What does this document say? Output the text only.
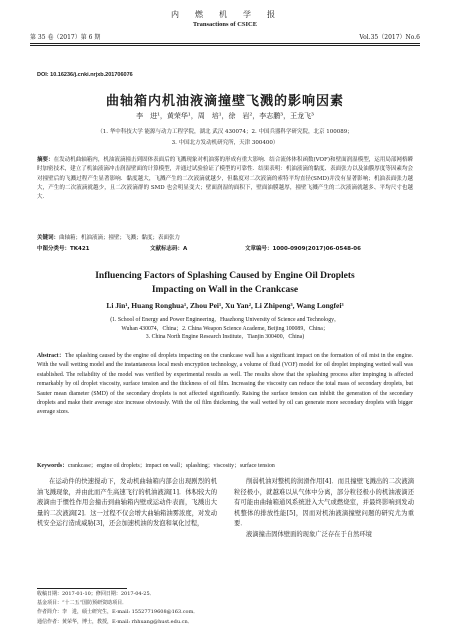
第 35 卷（2017）第 6 期
内　燃　机　学　报
Transactions of CSICE
Vol.35（2017）No.6
DOI: 10.16236/j.cnki.nrjxb.201706076
曲轴箱内机油液滴撞壁飞溅的影响因素
李　进¹，黄荣华¹，周　培¹，徐　岩²，李志鹏³，王龙飞³
（1. 华中科技大学 能源与动力工程学院，湖北 武汉 430074；2. 中国兵器科学研究院，北京 100089；
3. 中国北方发动机研究所，天津 300400）
摘要：在发动机曲轴箱内，机油液滴撞击到固体表面后的飞溅现象对机油雾的形成有重大影响．结合流体体积函数(VOF)和壁面润湿模型，运用局部网格瞬时加密技术，建立了机油液滴冲击润湿壁面的计算模型，并通过试验验证了模型的可靠性．结果表明：机油液滴的黏度、表面张力以及油膜厚度等因素均会对撞壁后的飞溅过程产生显著影响．黏度越大，飞溅产生的二次液滴就越少，但黏度对二次液滴的索特平均直径(SMD)并没有显著影响；机油表面张力越大，产生的二次液滴就越少，且二次液滴群的 SMD 也会明显变大；壁面润湿的面积下，壁面油膜越厚，撞壁飞溅产生的二次液滴就越多、平均尺寸也越大．
关键词：曲轴箱；机油液滴；撞壁；飞溅；黏度；表面张力
中图分类号：TK421	文献标志码：A	文章编号：1000-0909(2017)06-0548-06
Influencing Factors of Splashing Caused by Engine Oil Droplets
Impacting on Wall in the Crankcase
Li Jin¹, Huang Ronghua¹, Zhou Pei¹, Xu Yan², Li Zhipeng³, Wang Longfei³
(1. School of Energy and Power Engineering，Huazhong University of Science and Technology，
Wuhan 430074，China；2. China Weapon Science Academe, Beijing 100089，China；
3. China North Engine Research Institute，Tianjin 300400，China)
Abstract：The splashing caused by the engine oil droplets impacting on the crankcase wall has a significant impact on the formation of oil mist in the engine. With the wall wetting model and the instantaneous local mesh encryption technology, a volume of fluid (VOF) model for oil droplet impinging wetted wall was established. The reliability of the model was verified by experimental results as well. The results show that the splashing process after impinging is affected remarkably by oil droplet viscosity, surface tension and the thickness of oil film. Increasing the viscosity can reduce the total mass of secondary droplets, but Sauter mean diameter (SMD) of the secondary droplets is not affected significantly. Raising the surface tension can inhibit the generation of the secondary droplets and make their average size increase obviously. With the oil film thickening, the wall wetted by oil can generate more secondary droplets with bigger average sizes.
Keywords：crankcase；engine oil droplets；impact on wall；splashing；viscosity；surface tension
在运动件的快速搅动下，发动机曲轴箱内部会出现剧烈的机油飞溅现象，并由此而产生高速飞行的机油液滴[1]．体积较大的液滴由于惯性作用会撞击到曲轴箱内壁或运动件表面，飞溅出大量的二次液滴[2]．这一过程不仅会增大曲轴箱油雾浓度，对发动机安全运行造成威胁[3]，还会加速机油的发泡和氧化过程，
削弱机油对整机的润滑作用[4]．而且撞壁飞溅出的二次液滴粒径极小，就越难以从气体中分离，部分粒径极小的机油液滴还有可能由曲轴箱通风系统进入大气或燃烧室，并最终影响到发动机整体的排放性能[5]，因而对机油液滴撞壁问题的研究尤为重要．
液滴撞击固体壁面的现象广泛存在于自然环境
收稿日期：2017-01-10；修回日期：2017-04-25．
基金项目：“十二五”国防预研资助项目．
作者简介：李　进，硕士研究生，E-mail: 15527719608@163.com．
通信作者：黄荣华，博士，教授，E-mail: rhhuang@hust.edu.cn．
